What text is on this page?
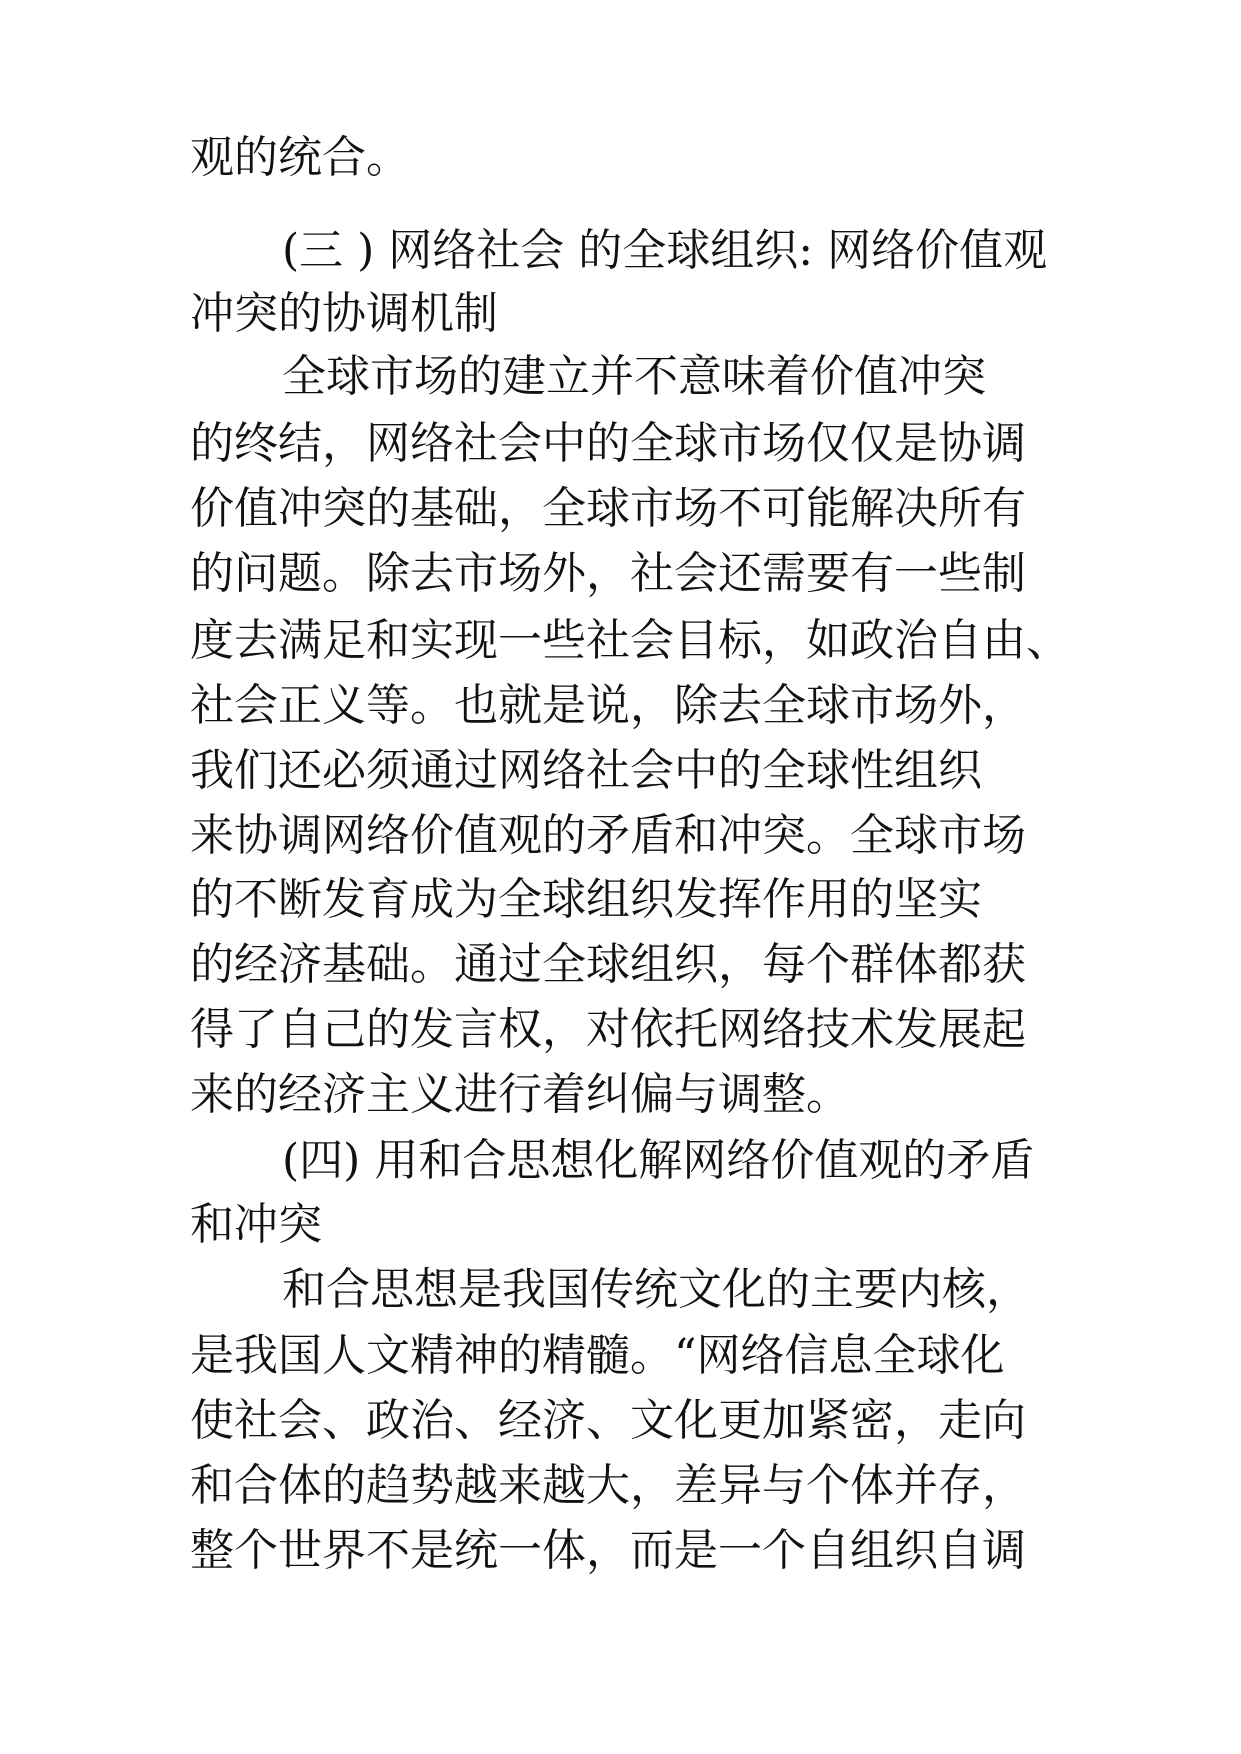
观的统合。
(三 ) 网络社会 的全球组织: 网络价值观
冲突的协调机制
全球市场的建立并不意味着价值冲突
的终结，网络社会中的全球市场仅仅是协调
价值冲突的基础，全球市场不可能解决所有
的问题。除去市场外，社会还需要有一些制
度去满足和实现一些社会目标，如政治自由、
社会正义等。也就是说，除去全球市场外，
我们还必须通过网络社会中的全球性组织
来协调网络价值观的矛盾和冲突。全球市场
的不断发育成为全球组织发挥作用的坚实
的经济基础。通过全球组织，每个群体都获
得了自己的发言权，对依托网络技术发展起
来的经济主义进行着纠偏与调整。
(四) 用和合思想化解网络价值观的矛盾
和冲突
和合思想是我国传统文化的主要内核，
是我国人文精神的精髓。“网络信息全球化
使社会、政治、经济、文化更加紧密，走向
和合体的趋势越来越大，差异与个体并存，
整个世界不是统一体，而是一个自组织自调
